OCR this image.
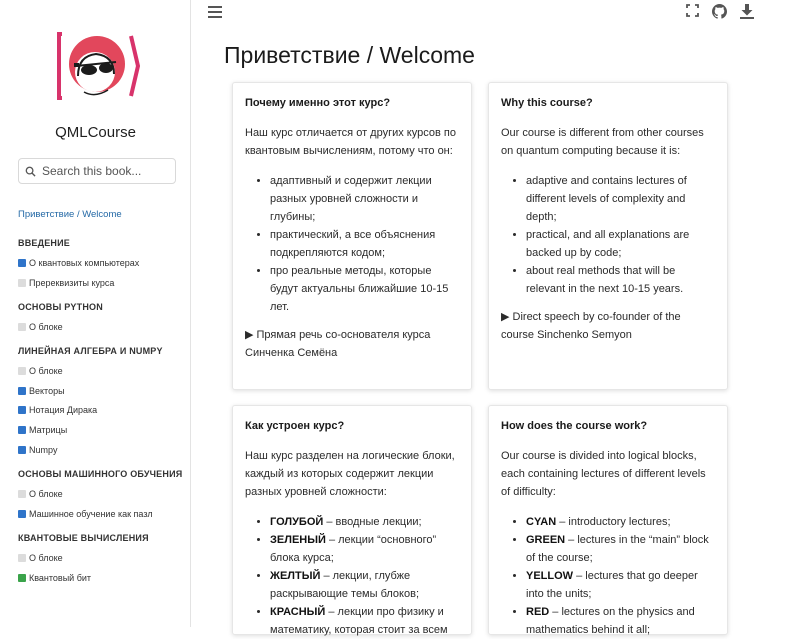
QMLCourse
Search this book...
Приветствие / Welcome
ВВЕДЕНИЕ
О квантовых компьютерах
Пререквизиты курса
ОСНОВЫ PYTHON
О блоке
ЛИНЕЙНАЯ АЛГЕБРА И NUMPY
О блоке
Векторы
Нотация Дирака
Матрицы
Numpy
ОСНОВЫ МАШИННОГО ОБУЧЕНИЯ
О блоке
Машинное обучение как пазл
КВАНТОВЫЕ ВЫЧИСЛЕНИЯ
О блоке
Квантовый бит
Приветствие / Welcome
Почему именно этот курс?

Наш курс отличается от других курсов по квантовым вычислениям, потому что он:

• адаптивный и содержит лекции разных уровней сложности и глубины;
• практический, а все объяснения подкрепляются кодом;
• про реальные методы, которые будут актуальны ближайшие 10-15 лет.
▶ Прямая речь со-основателя курса Синченка Семёна
Why this course?

Our course is different from other courses on quantum computing because it is:

• adaptive and contains lectures of different levels of complexity and depth;
• practical, and all explanations are backed up by code;
• about real methods that will be relevant in the next 10-15 years.
▶ Direct speech by co-founder of the course Sinchenko Semyon
Как устроен курс?

Наш курс разделен на логические блоки, каждый из которых содержит лекции разных уровней сложности:

• ГОЛУБОЙ – вводные лекции;
• ЗЕЛЕНЫЙ – лекции “основного” блока курса;
• ЖЕЛТЫЙ – лекции, глубже раскрывающие темы блоков;
• КРАСНЫЙ – лекции про физику и математику, которая стоит за всем
How does the course work?

Our course is divided into logical blocks, each containing lectures of different levels of difficulty:

• CYAN – introductory lectures;
• GREEN – lectures in the “main” block of the course;
• YELLOW – lectures that go deeper into the units;
• RED – lectures on the physics and mathematics behind it all;
